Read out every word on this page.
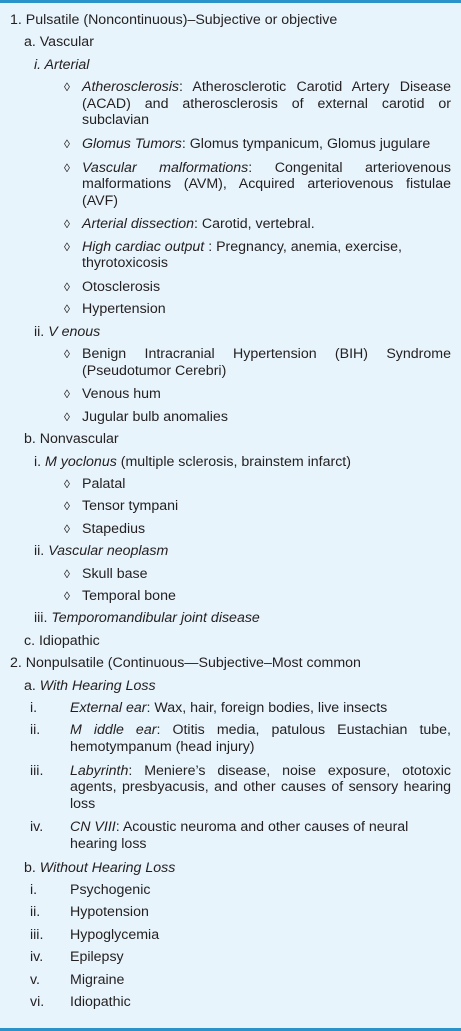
1. Pulsatile (Noncontinuous)–Subjective or objective
a. Vascular
i. Arterial
◊ Atherosclerosis: Atherosclerotic Carotid Artery Disease (ACAD) and atherosclerosis of external carotid or subclavian
◊ Glomus Tumors: Glomus tympanicum, Glomus jugulare
◊ Vascular malformations: Congenital arteriovenous malformations (AVM), Acquired arteriovenous fistulae (AVF)
◊ Arterial dissection: Carotid, vertebral.
◊ High cardiac output : Pregnancy, anemia, exercise, thyrotoxicosis
◊ Otosclerosis
◊ Hypertension
ii. V enous
◊ Benign Intracranial Hypertension (BIH) Syndrome (Pseudotumor Cerebri)
◊ Venous hum
◊ Jugular bulb anomalies
b. Nonvascular
i. M yoclonus (multiple sclerosis, brainstem infarct)
◊ Palatal
◊ Tensor tympani
◊ Stapedius
ii. Vascular neoplasm
◊ Skull base
◊ Temporal bone
iii. Temporomandibular joint disease
c. Idiopathic
2. Nonpulsatile (Continuous—Subjective–Most common
a. With Hearing Loss
i. External ear: Wax, hair, foreign bodies, live insects
ii. M iddle ear: Otitis media, patulous Eustachian tube, hemotympanum (head injury)
iii. Labyrinth: Meniere’s disease, noise exposure, ototoxic agents, presbyacusis, and other causes of sensory hearing loss
iv. CN VIII: Acoustic neuroma and other causes of neural hearing loss
b. Without Hearing Loss
i. Psychogenic
ii. Hypotension
iii. Hypoglycemia
iv. Epilepsy
v. Migraine
vi. Idiopathic
